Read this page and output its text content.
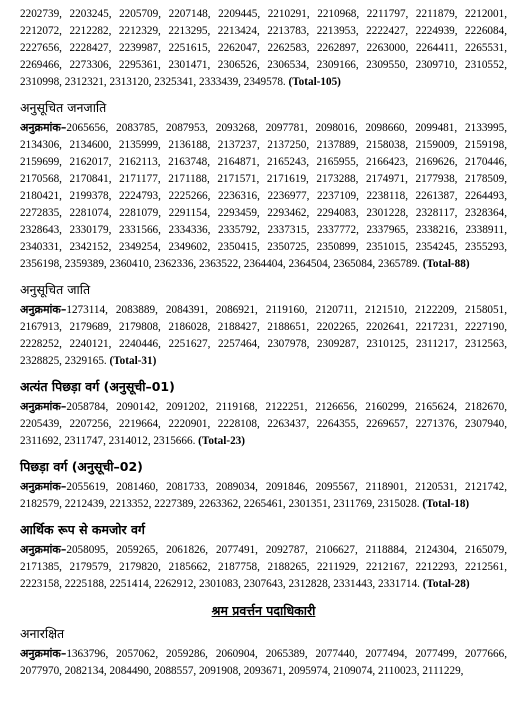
2202739, 2203245, 2205709, 2207148, 2209445, 2210291, 2210968, 2211797, 2211879, 2212001, 2212072, 2212282, 2212329, 2213295, 2213424, 2213783, 2213953, 2222427, 2224939, 2226084, 2227656, 2228427, 2239987, 2251615, 2262047, 2262583, 2262897, 2263000, 2264411, 2265531, 2269466, 2273306, 2295361, 2301471, 2306526, 2306534, 2309166, 2309550, 2309710, 2310552, 2310998, 2312321, 2313120, 2325341, 2333439, 2349578. (Total-105)

अनुसूचित जनजाति

अनुक्रमांक–2065656, 2083785, 2087953, 2093268, 2097781, 2098016, 2098660, 2099481, 2133995, 2134306, 2134600, 2135999, 2136188, 2137237, 2137250, 2137889, 2158038, 2159009, 2159198, 2159699, 2162017, 2162113, 2163748, 2164871, 2165243, 2165955, 2166423, 2169626, 2170446, 2170568, 2170841, 2171177, 2171188, 2171571, 2171619, 2173288, 2174971, 2177938, 2178509, 2180421, 2199378, 2224793, 2225266, 2236316, 2236977, 2237109, 2238118, 2261387, 2264493, 2272835, 2281074, 2281079, 2291154, 2293459, 2293462, 2294083, 2301228, 2328117, 2328364, 2328643, 2330179, 2331566, 2334336, 2335792, 2337315, 2337772, 2337965, 2338216, 2338911, 2340331, 2342152, 2349254, 2349602, 2350415, 2350725, 2350899, 2351015, 2354245, 2355293, 2356198, 2359389, 2360410, 2362336, 2363522, 2364404, 2364504, 2365084, 2365789. (Total-88)

अनुसूचित जाति

अनुक्रमांक–1273114, 2083889, 2084391, 2086921, 2119160, 2120711, 2121510, 2122209, 2158051, 2167913, 2179689, 2179808, 2186028, 2188427, 2188651, 2202265, 2202641, 2217231, 2227190, 2228252, 2240121, 2240446, 2251627, 2257464, 2307978, 2309287, 2310125, 2311217, 2312563, 2328825, 2329165. (Total-31)

अत्यंत पिछड़ा वर्ग (अनुसूची–01)

अनुक्रमांक–2058784, 2090142, 2091202, 2119168, 2122251, 2126656, 2160299, 2165624, 2182670, 2205439, 2207256, 2219664, 2220901, 2228108, 2263437, 2264355, 2269657, 2271376, 2307940, 2311692, 2311747, 2314012, 2315666. (Total-23)

पिछड़ा वर्ग (अनुसूची–02)

अनुक्रमांक–2055619, 2081460, 2081733, 2089034, 2091846, 2095567, 2118901, 2120531, 2121742, 2182579, 2212439, 2213352, 2227389, 2263362, 2265461, 2301351, 2311769, 2315028. (Total-18)

आर्थिक रूप से कमजोर वर्ग

अनुक्रमांक–2058095, 2059265, 2061826, 2077491, 2092787, 2106627, 2118884, 2124304, 2165079, 2171385, 2179579, 2179820, 2185662, 2187758, 2188265, 2211929, 2212167, 2212293, 2212561, 2223158, 2225188, 2251414, 2262912, 2301083, 2307643, 2312828, 2331443, 2331714. (Total-28)

श्रम प्रवर्त्तन पदाधिकारी

अनारक्षित

अनुक्रमांक–1363796, 2057062, 2059286, 2060904, 2065389, 2077440, 2077494, 2077499, 2077666, 2077970, 2082134, 2084490, 2088557, 2091908, 2093671, 2095974, 2109074, 2110023, 2111229,
